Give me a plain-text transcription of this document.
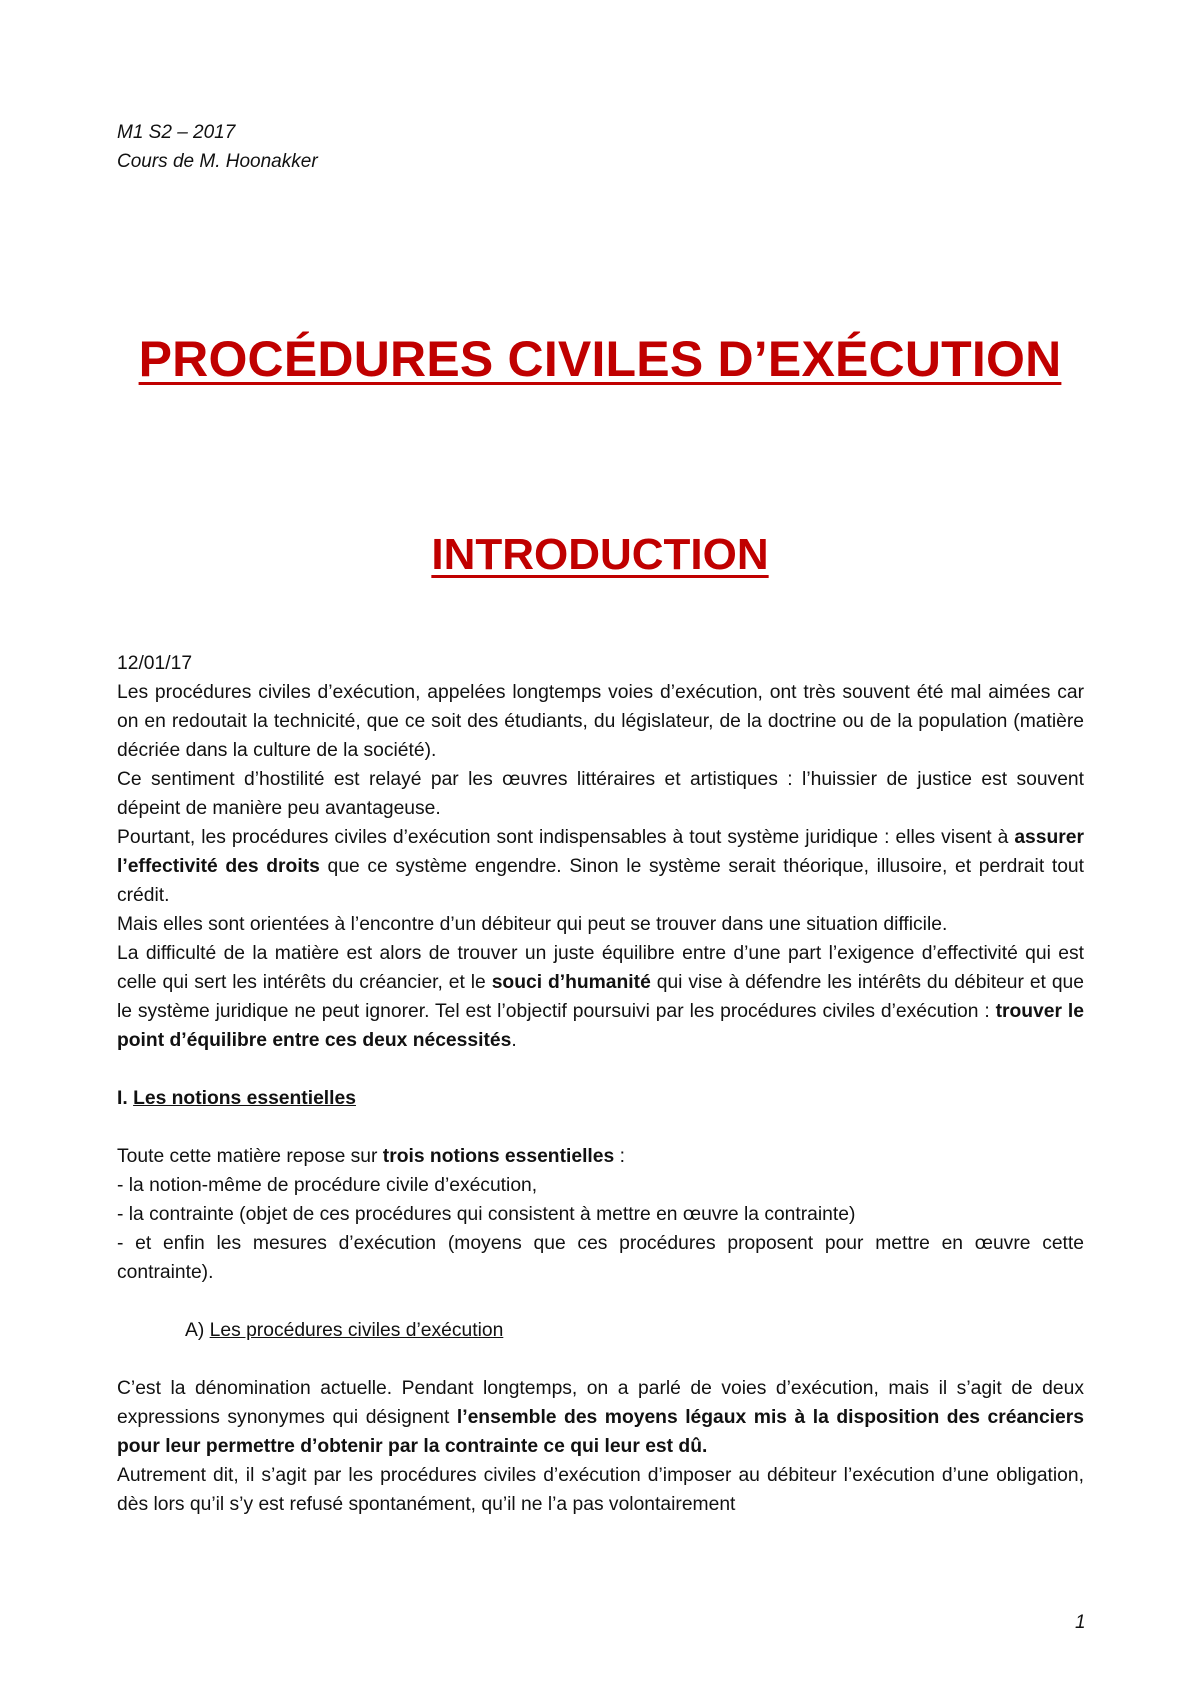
M1 S2 – 2017
Cours de M. Hoonakker
PROCÉDURES CIVILES D’EXÉCUTION
INTRODUCTION

12/01/17

Les procédures civiles d’exécution, appelées longtemps voies d’exécution, ont très souvent été mal aimées car on en redoutait la technicité, que ce soit des étudiants, du législateur, de la doctrine ou de la population (matière décriée dans la culture de la société).

Ce sentiment d’hostilité est relayé par les œuvres littéraires et artistiques : l’huissier de justice est souvent dépeint de manière peu avantageuse.

Pourtant, les procédures civiles d’exécution sont indispensables à tout système juridique : elles visent à assurer l’effectivité des droits que ce système engendre. Sinon le système serait théorique, illusoire, et perdrait tout crédit.

Mais elles sont orientées à l’encontre d’un débiteur qui peut se trouver dans une situation difficile.

La difficulté de la matière est alors de trouver un juste équilibre entre d’une part l’exigence d’effectivité qui est celle qui sert les intérêts du créancier, et le souci d’humanité qui vise à défendre les intérêts du débiteur et que le système juridique ne peut ignorer. Tel est l’objectif poursuivi par les procédures civiles d’exécution : trouver le point d’équilibre entre ces deux nécessités.

I. Les notions essentielles

Toute cette matière repose sur trois notions essentielles :

- la notion-même de procédure civile d’exécution,

- la contrainte (objet de ces procédures qui consistent à mettre en œuvre la contrainte)

- et enfin les mesures d’exécution (moyens que ces procédures proposent pour mettre en œuvre cette contrainte).

A) Les procédures civiles d’exécution

C’est la dénomination actuelle. Pendant longtemps, on a parlé de voies d’exécution, mais il s’agit de deux expressions synonymes qui désignent l’ensemble des moyens légaux mis à la disposition des créanciers pour leur permettre d’obtenir par la contrainte ce qui leur est dû.

Autrement dit, il s’agit par les procédures civiles d’exécution d’imposer au débiteur l’exécution d’une obligation, dès lors qu’il s’y est refusé spontanément, qu’il ne l’a pas volontairement

1
